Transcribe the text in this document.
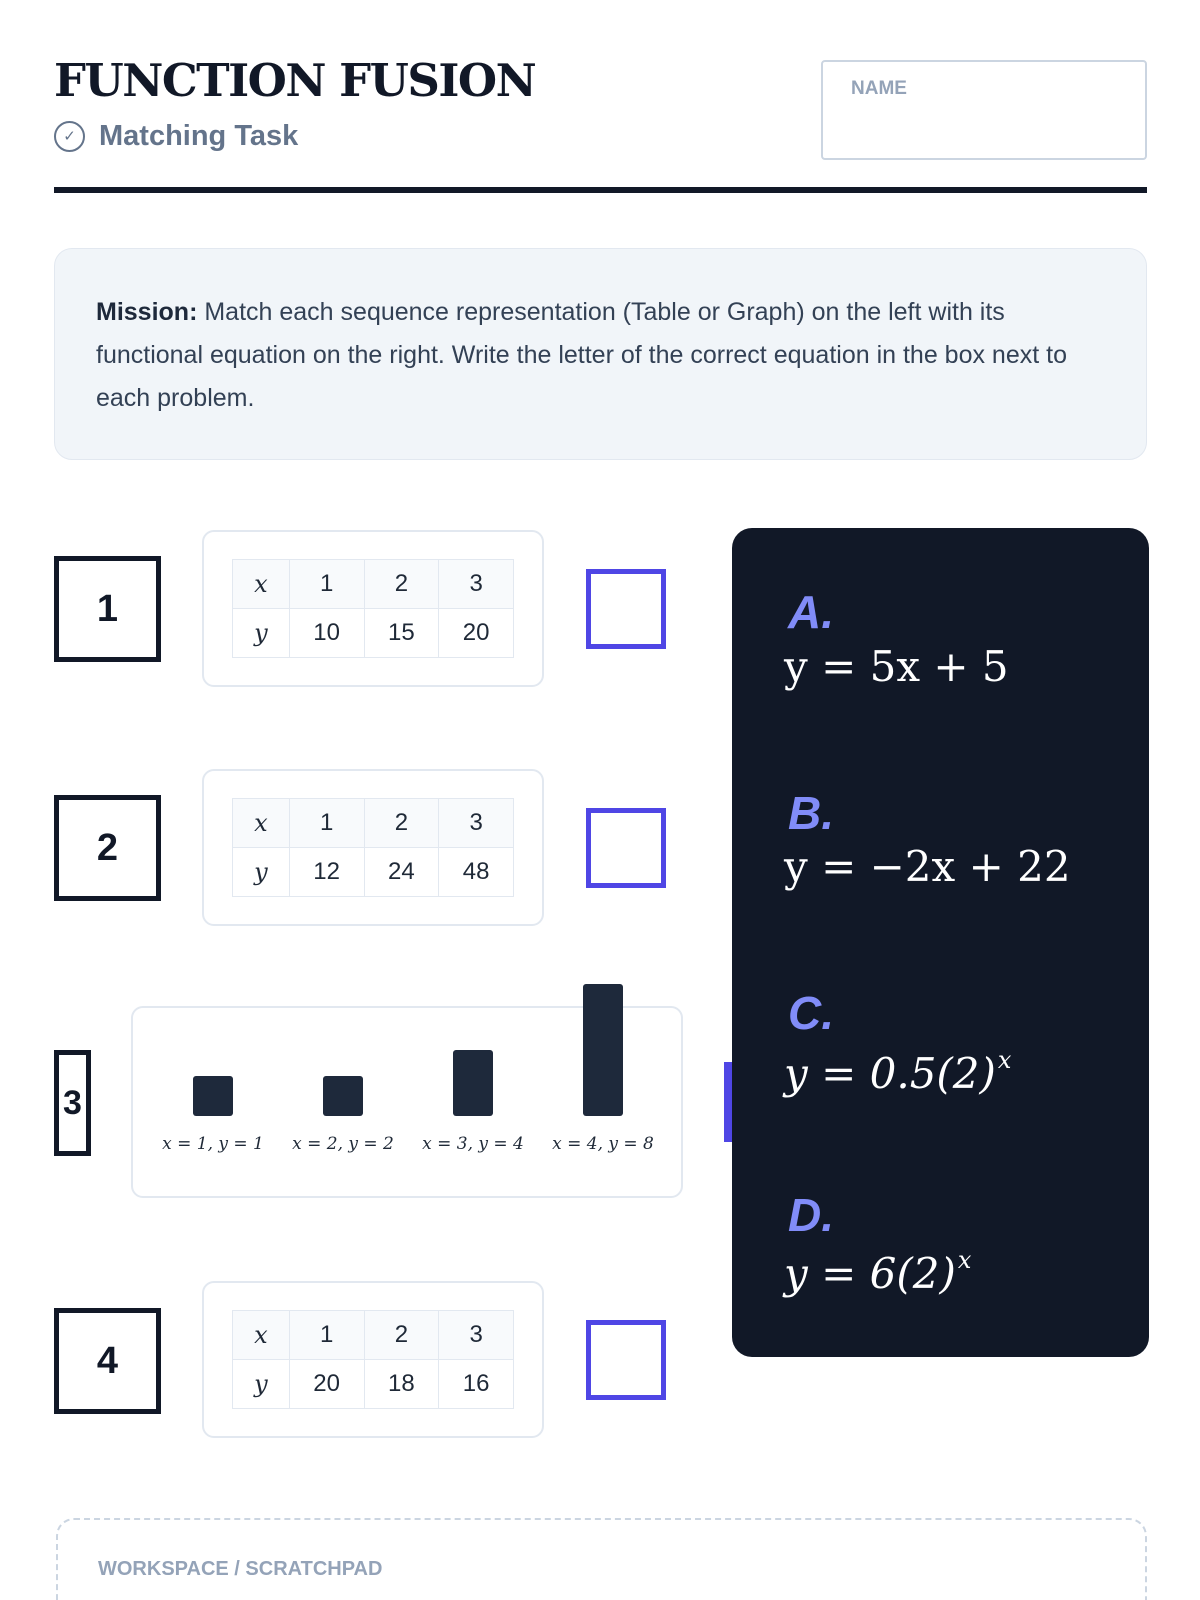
FUNCTION FUSION
✓ Matching Task
NAME
Mission: Match each sequence representation (Table or Graph) on the left with its functional equation on the right. Write the letter of the correct equation in the box next to each problem.
1
x	1	2	3
y	10	15	20
2
x	1	2	3
y	12	24	48
3
x = 1, y = 1	x = 2, y = 2	x = 3, y = 4	x = 4, y = 8
4
x	1	2	3
y	20	18	16
A.
y = 5x + 5
B.
y = −2x + 22
C.
$y = 0.5(2)^x$
D.
$y = 6(2)^x$
WORKSPACE / SCRATCHPAD
